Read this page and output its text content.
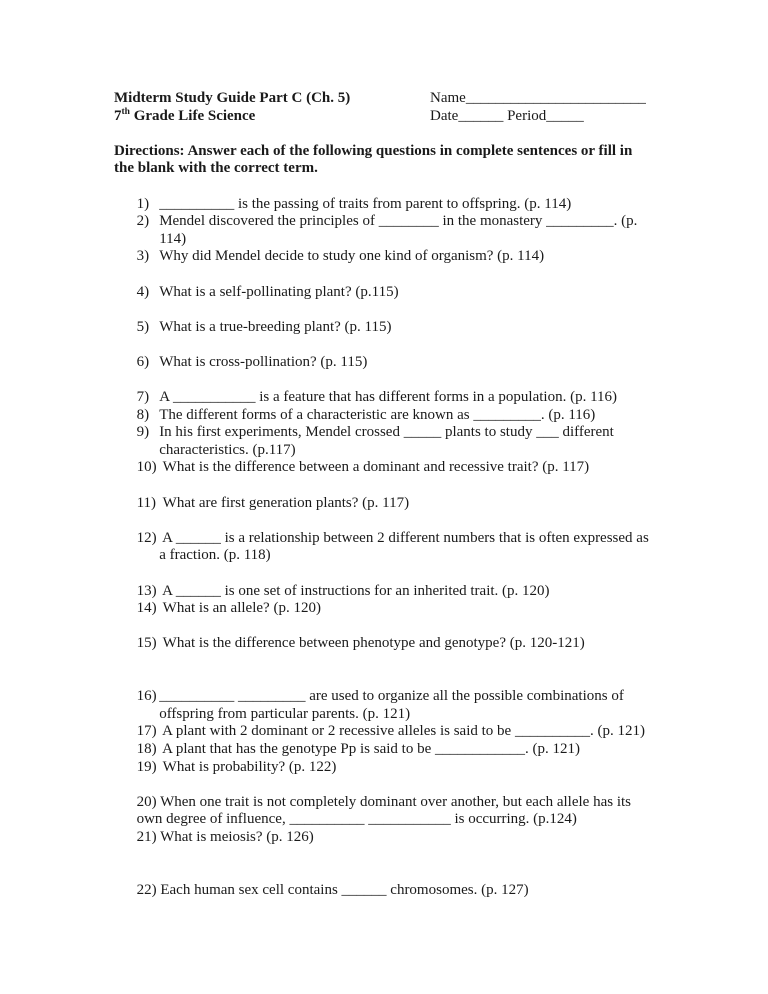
Midterm Study Guide Part C (Ch. 5)
7th Grade Life Science
Name________________________
Date______ Period_____

Directions: Answer each of the following questions in complete sentences or fill in the blank with the correct term.

1) __________ is the passing of traits from parent to offspring. (p. 114)
2) Mendel discovered the principles of ________ in the monastery _________. (p. 114)
3) Why did Mendel decide to study one kind of organism? (p. 114)
4) What is a self-pollinating plant? (p.115)
5) What is a true-breeding plant? (p. 115)
6) What is cross-pollination? (p. 115)
7) A ___________ is a feature that has different forms in a population. (p. 116)
8) The different forms of a characteristic are known as _________. (p. 116)
9) In his first experiments, Mendel crossed _____ plants to study ___ different characteristics. (p.117)
10) What is the difference between a dominant and recessive trait? (p. 117)
11) What are first generation plants? (p. 117)
12) A ______ is a relationship between 2 different numbers that is often expressed as a fraction. (p. 118)
13) A ______ is one set of instructions for an inherited trait. (p. 120)
14) What is an allele? (p. 120)
15) What is the difference between phenotype and genotype? (p. 120-121)
16) __________ _________ are used to organize all the possible combinations of offspring from particular parents. (p. 121)
17) A plant with 2 dominant or 2 recessive alleles is said to be __________. (p. 121)
18) A plant that has the genotype Pp is said to be ____________. (p. 121)
19) What is probability? (p. 122)
20) When one trait is not completely dominant over another, but each allele has its own degree of influence, __________ ___________ is occurring. (p.124)
21) What is meiosis? (p. 126)
22) Each human sex cell contains ______ chromosomes. (p. 127)
